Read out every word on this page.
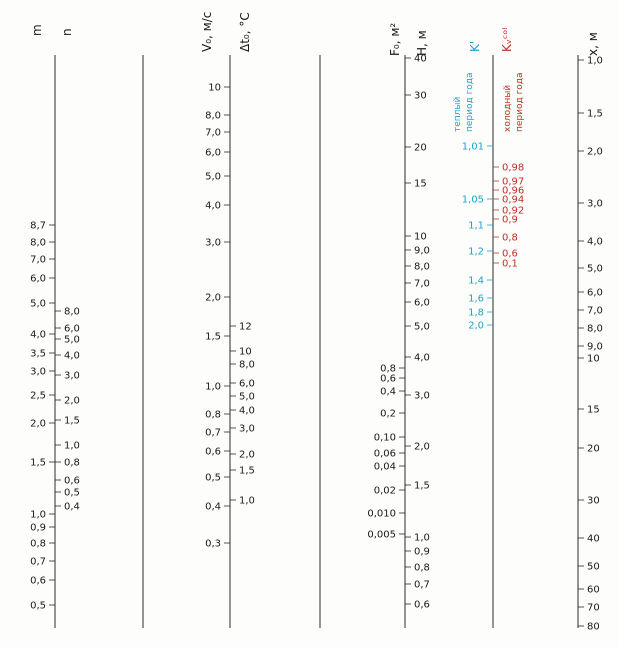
m n	V₀, м/с Δt₀, °C	F₀, м² H, м	K'
теплый период года
Kᵥᶜᵒˡ
холодный период года
x, м
8,7
8,0
7,0
6,0
5,0
4,0
3,5
3,0
2,5
2,0
1,5
1,0
0,9
0,8
0,7
0,6
0,5
8,0
6,0
5,0
4,0
3,0
2,0
1,5
1,0
0,8
0,6
0,5
0,4
10
8,0
7,0
6,0
5,0
4,0
3,0
2,0
1,5
1,0
0,8
0,7
0,6
0,5
0,4
0,3
12
10
8,0
6,0
5,0
4,0
3,0
2,0
1,5
1,0
0,8
0,6
0,4
0,2
0,10
0,06
0,04
0,02
0,010
0,005
40
30
20
15
10
9,0
8,0
7,0
6,0
5,0
4,0
3,0
2,0
1,5
1,0
0,9
0,8
0,7
0,6
1,01
1,05
1,1
1,2
1,4
1,6
1,8
2,0
0,98
0,97
0,96
0,94
0,92
0,9
0,8
0,6
0,1
1,0
1,5
2,0
3,0
4,0
5,0
6,0
7,0
8,0
9,0
10
15
20
30
40
50
60
70
80
